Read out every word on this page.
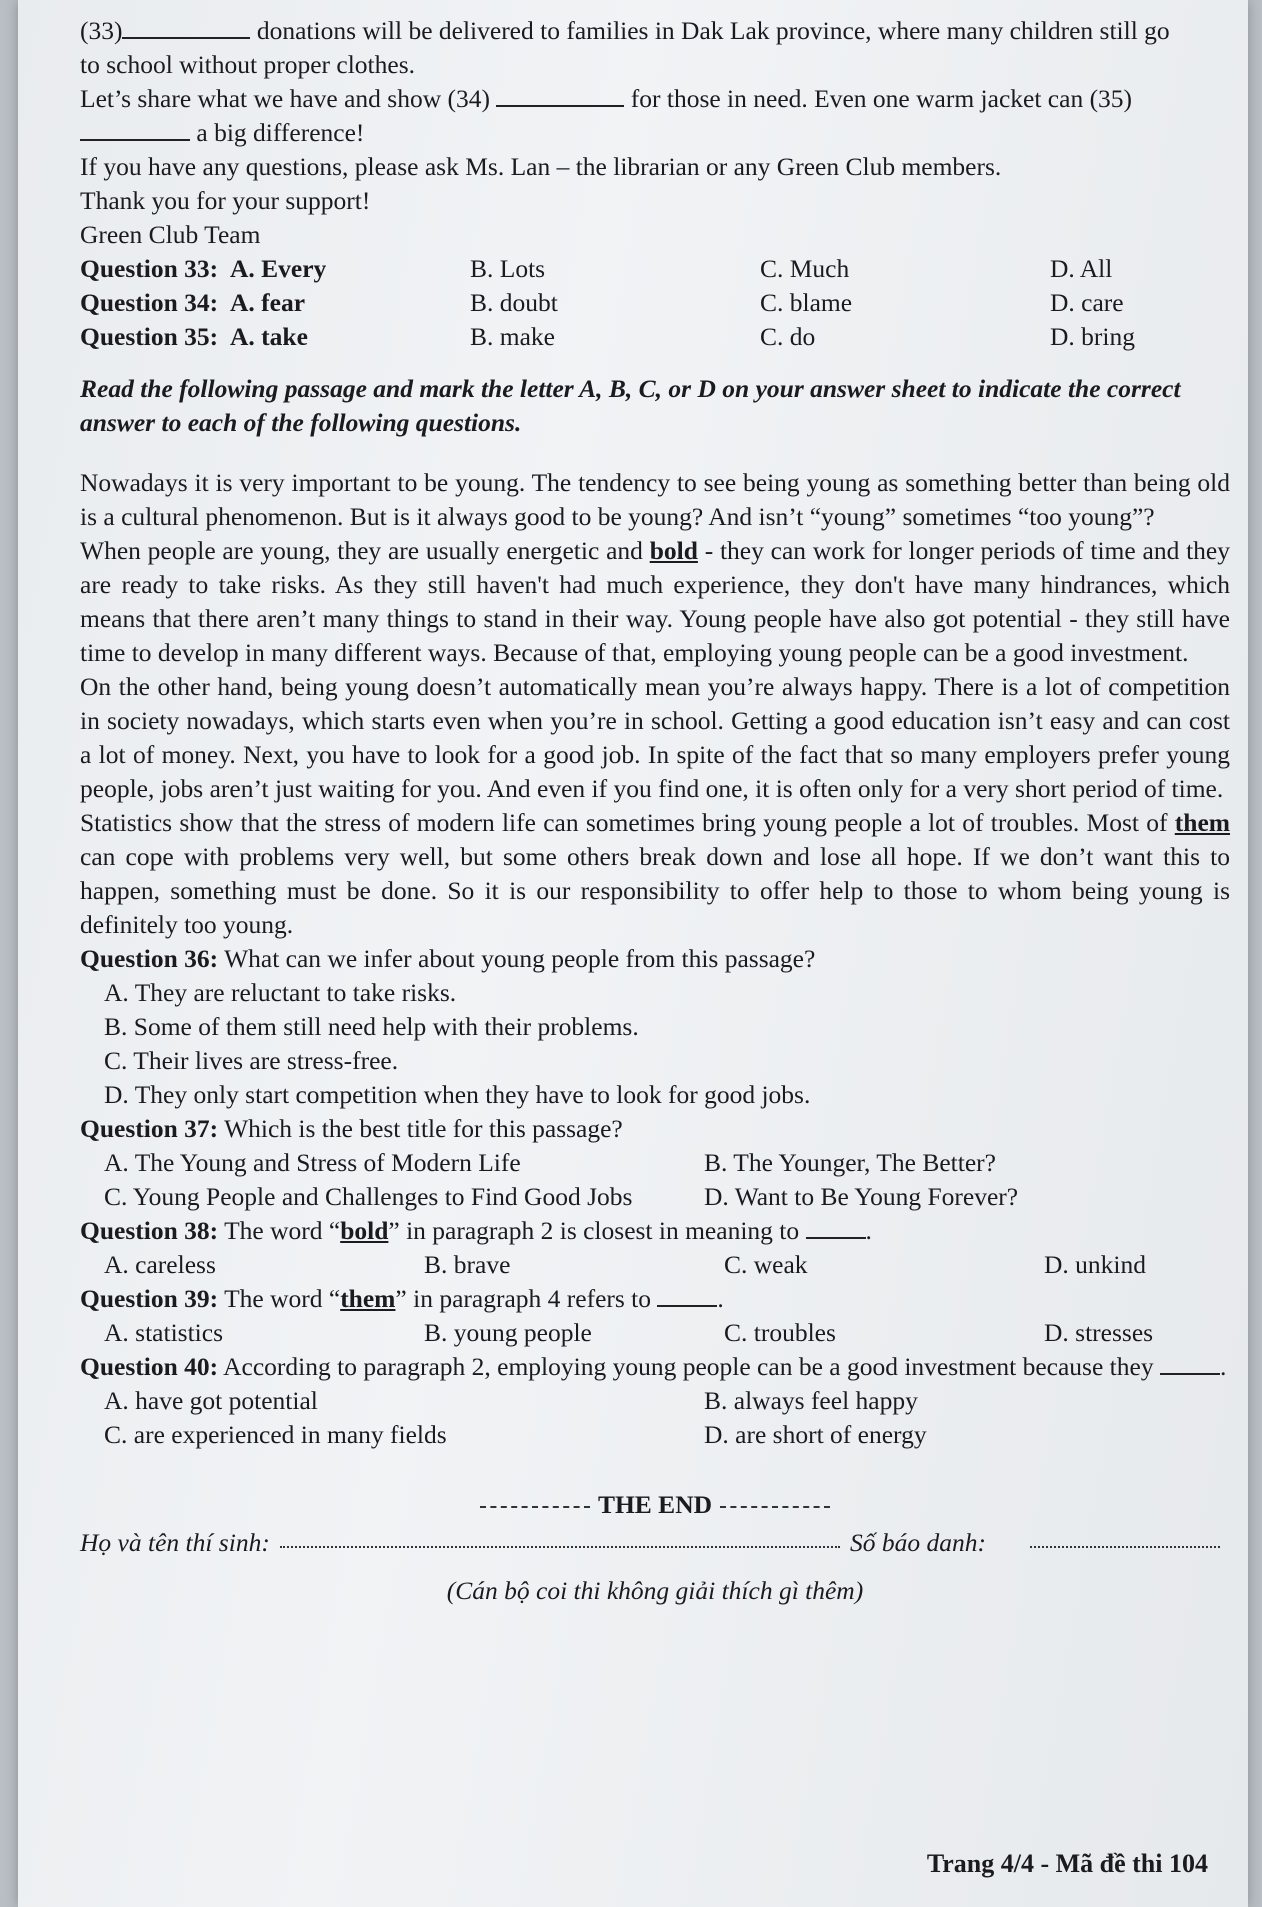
(33)	donations will be delivered to families in Dak Lak province, where many children still go

to school without proper clothes.

Let’s share what we have and show (34)	for those in need. Even one warm jacket can (35)

a big difference!

If you have any questions, please ask Ms. Lan – the librarian or any Green Club members.

Thank you for your support!

Green Club Team

Question 33: A. Every	B. Lots	C. Much	D. All
Question 34: A. fear	B. doubt	C. blame	D. care
Question 35: A. take	B. make	C. do	D. bring

Read the following passage and mark the letter A, B, C, or D on your answer sheet to indicate the correct answer to each of the following questions.

Nowadays it is very important to be young. The tendency to see being young as something better than being old is a cultural phenomenon. But is it always good to be young? And isn’t “young” sometimes “too young”?

When people are young, they are usually energetic and bold - they can work for longer periods of time and they are ready to take risks. As they still haven't had much experience, they don't have many hindrances, which means that there aren’t many things to stand in their way. Young people have also got potential - they still have time to develop in many different ways. Because of that, employing young people can be a good investment.

On the other hand, being young doesn’t automatically mean you’re always happy. There is a lot of competition in society nowadays, which starts even when you’re in school. Getting a good education isn’t easy and can cost a lot of money. Next, you have to look for a good job. In spite of the fact that so many employers prefer young people, jobs aren’t just waiting for you. And even if you find one, it is often only for a very short period of time.

Statistics show that the stress of modern life can sometimes bring young people a lot of troubles. Most of them can cope with problems very well, but some others break down and lose all hope. If we don’t want this to happen, something must be done. So it is our responsibility to offer help to those to whom being young is definitely too young.

Question 36: What can we infer about young people from this passage?

A. They are reluctant to take risks.

B. Some of them still need help with their problems.

C. Their lives are stress-free.

D. They only start competition when they have to look for good jobs.

Question 37: Which is the best title for this passage?

A. The Young and Stress of Modern Life	B. The Younger, The Better?
C. Young People and Challenges to Find Good Jobs	D. Want to Be Young Forever?

Question 38: The word “bold” in paragraph 2 is closest in meaning to	.

A. careless	B. brave	C. weak	D. unkind

Question 39: The word “them” in paragraph 4 refers to	.

A. statistics	B. young people	C. troubles	D. stresses

Question 40: According to paragraph 2, employing young people can be a good investment because they	.

A. have got potential	B. always feel happy
C. are experienced in many fields	D. are short of energy
THE END
Họ và tên thí sinh:	Số báo danh:

(Cán bộ coi thi không giải thích gì thêm)

Trang 4/4 - Mã đề thi 104
